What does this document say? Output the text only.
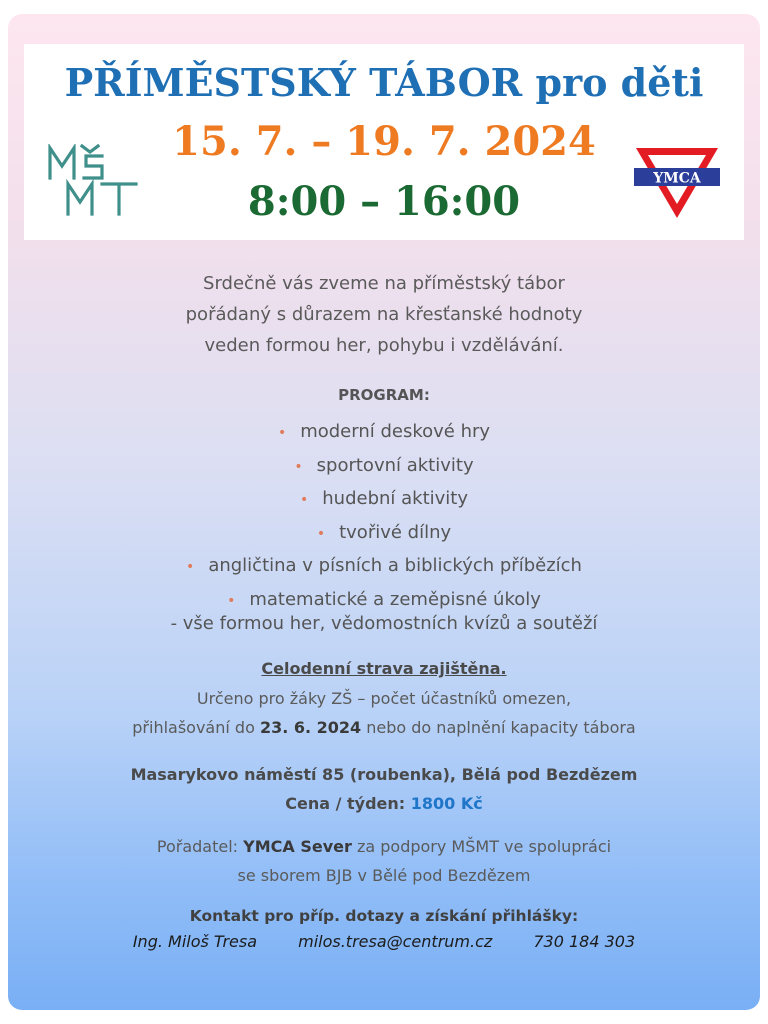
PŘÍMĚSTSKÝ TÁBOR pro děti
15. 7. – 19. 7. 2024
8:00 – 16:00
MŠMT
YMCA
Srdečně vás zveme na příměstský tábor
pořádaný s důrazem na křesťanské hodnoty
veden formou her, pohybu i vzdělávání.
PROGRAM:
• moderní deskové hry
• sportovní aktivity
• hudební aktivity
• tvořivé dílny
• angličtina v písních a biblických příbězích
• matematické a zeměpisné úkoly
- vše formou her, vědomostních kvízů a soutěží
Celodenní strava zajištěna.
Určeno pro žáky ZŠ – počet účastníků omezen,
přihlašování do 23. 6. 2024 nebo do naplnění kapacity tábora
Masarykovo náměstí 85 (roubenka), Bělá pod Bezdězem
Cena / týden: 1800 Kč
Pořadatel: YMCA Sever za podpory MŠMT ve spolupráci
se sborem BJB v Bělé pod Bezdězem
Kontakt pro příp. dotazy a získání přihlášky:
Ing. Miloš Tresa	milos.tresa@centrum.cz	730 184 303
